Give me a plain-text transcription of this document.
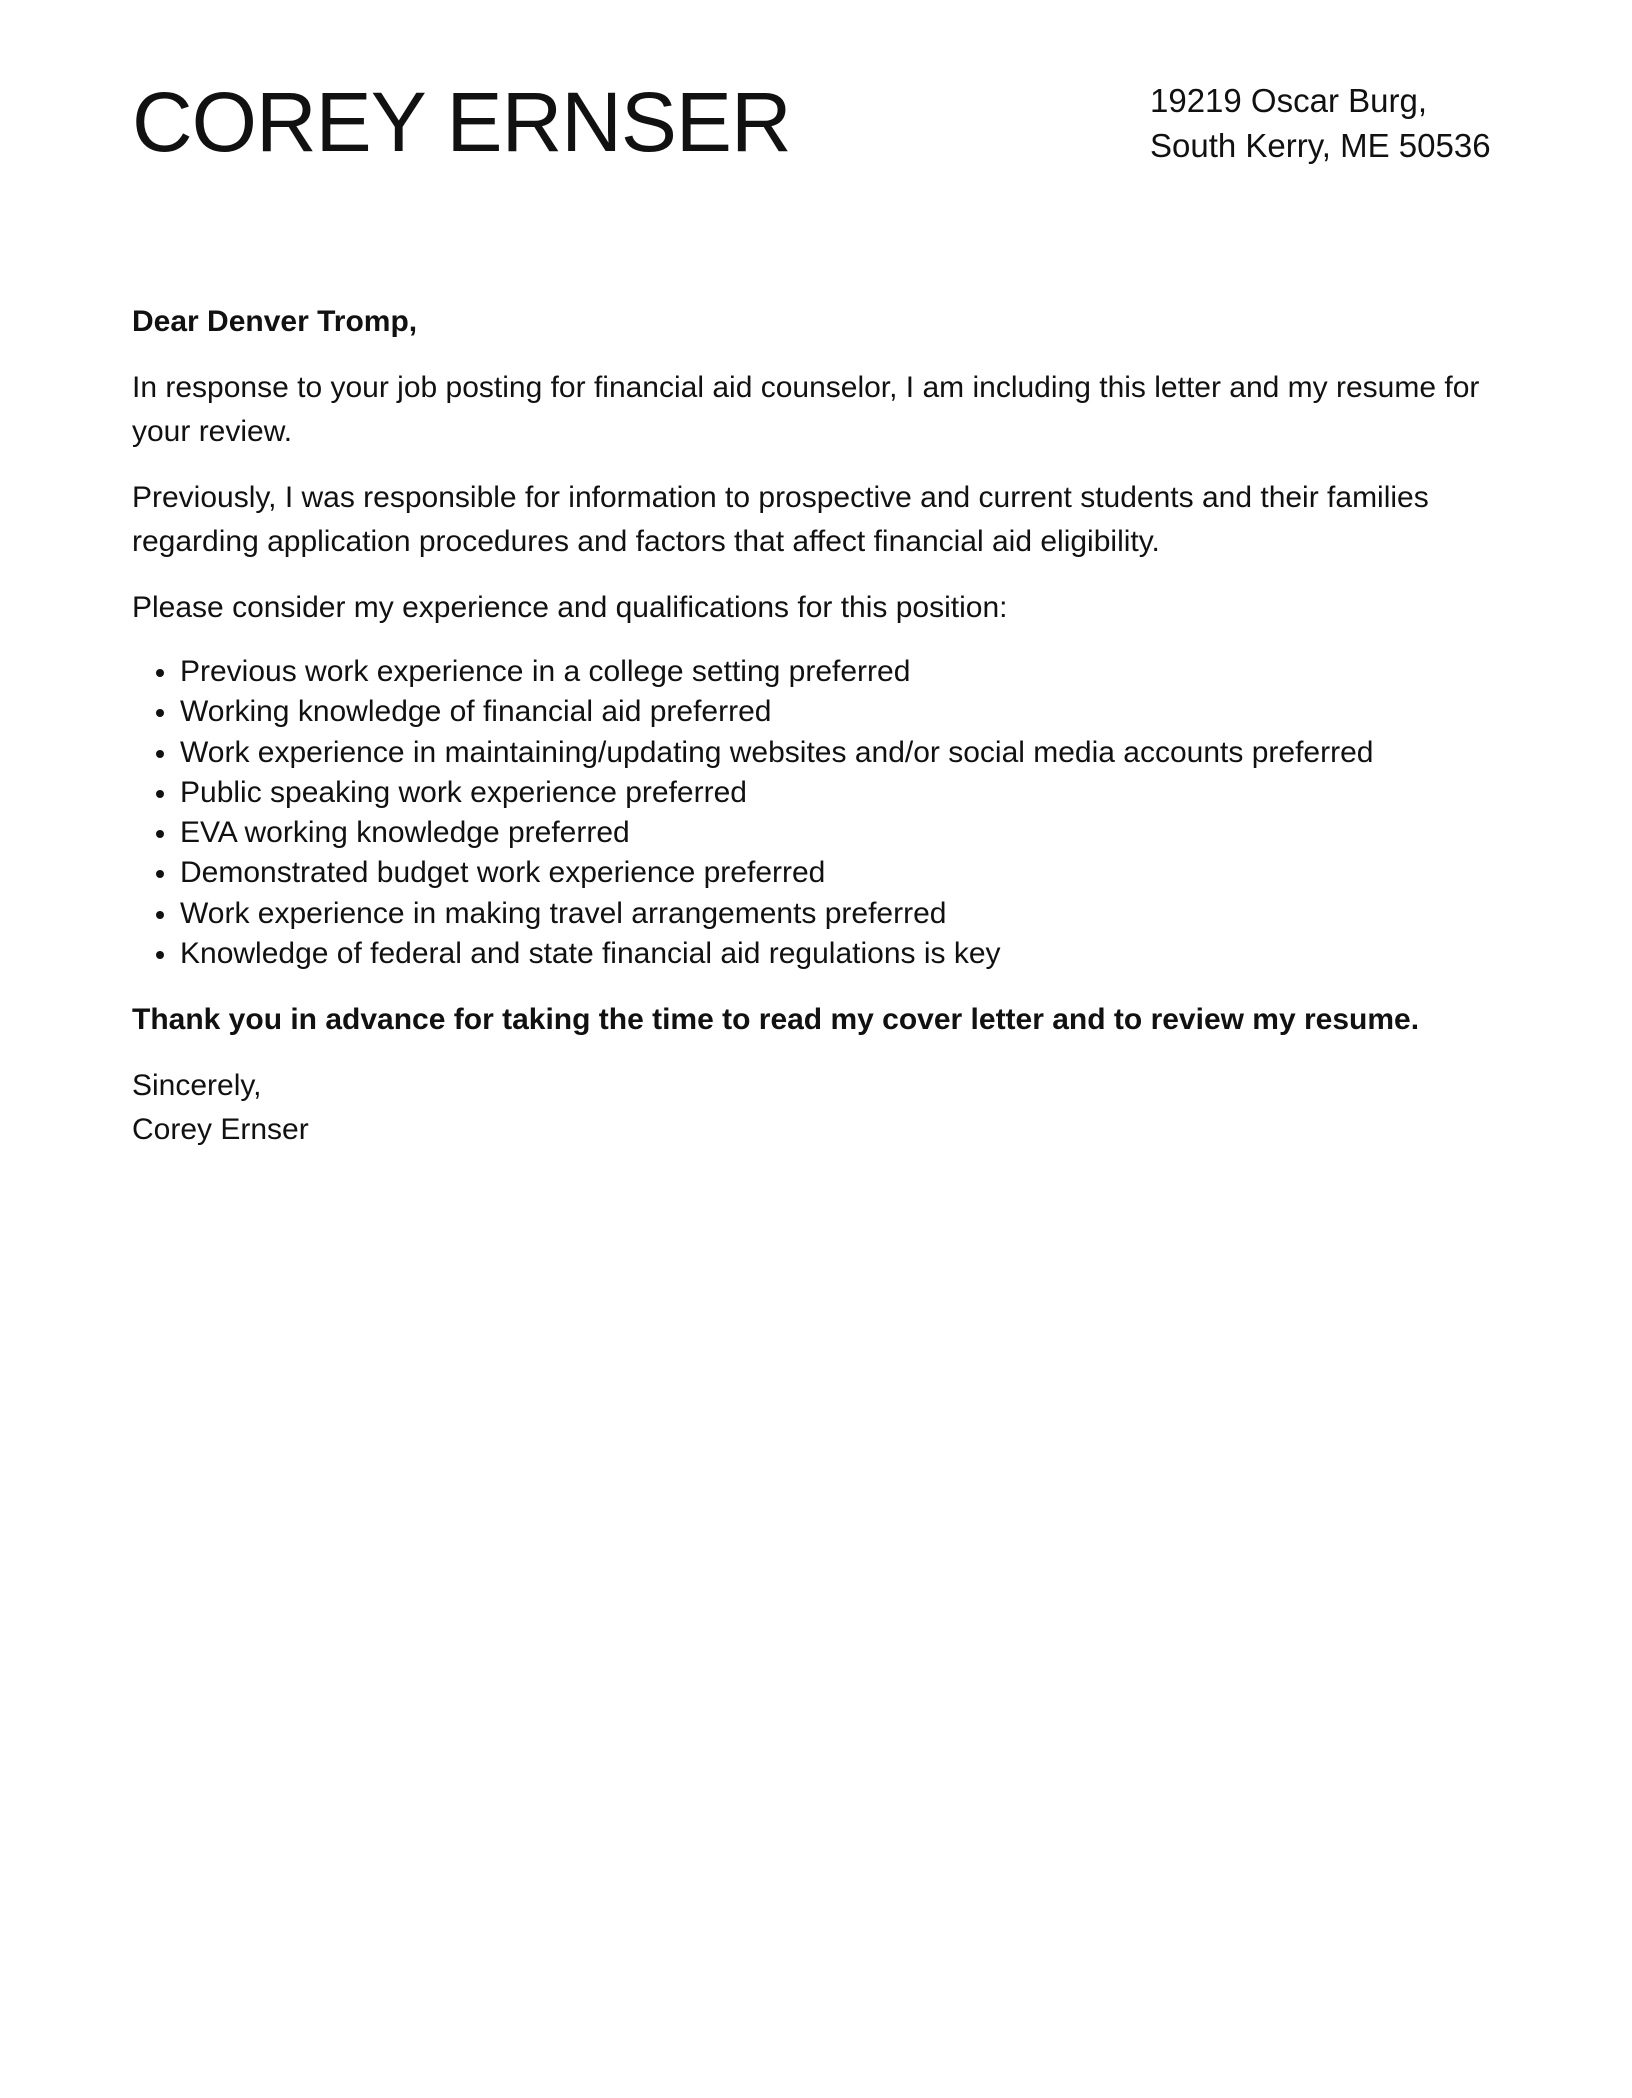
COREY ERNSER	19219 Oscar Burg,
South Kerry, ME 50536

Dear Denver Tromp,

In response to your job posting for financial aid counselor, I am including this letter and my resume for your review.

Previously, I was responsible for information to prospective and current students and their families regarding application procedures and factors that affect financial aid eligibility.

Please consider my experience and qualifications for this position:

Previous work experience in a college setting preferred
Working knowledge of financial aid preferred
Work experience in maintaining/updating websites and/or social media accounts preferred
Public speaking work experience preferred
EVA working knowledge preferred
Demonstrated budget work experience preferred
Work experience in making travel arrangements preferred
Knowledge of federal and state financial aid regulations is key

Thank you in advance for taking the time to read my cover letter and to review my resume.

Sincerely,
Corey Ernser
